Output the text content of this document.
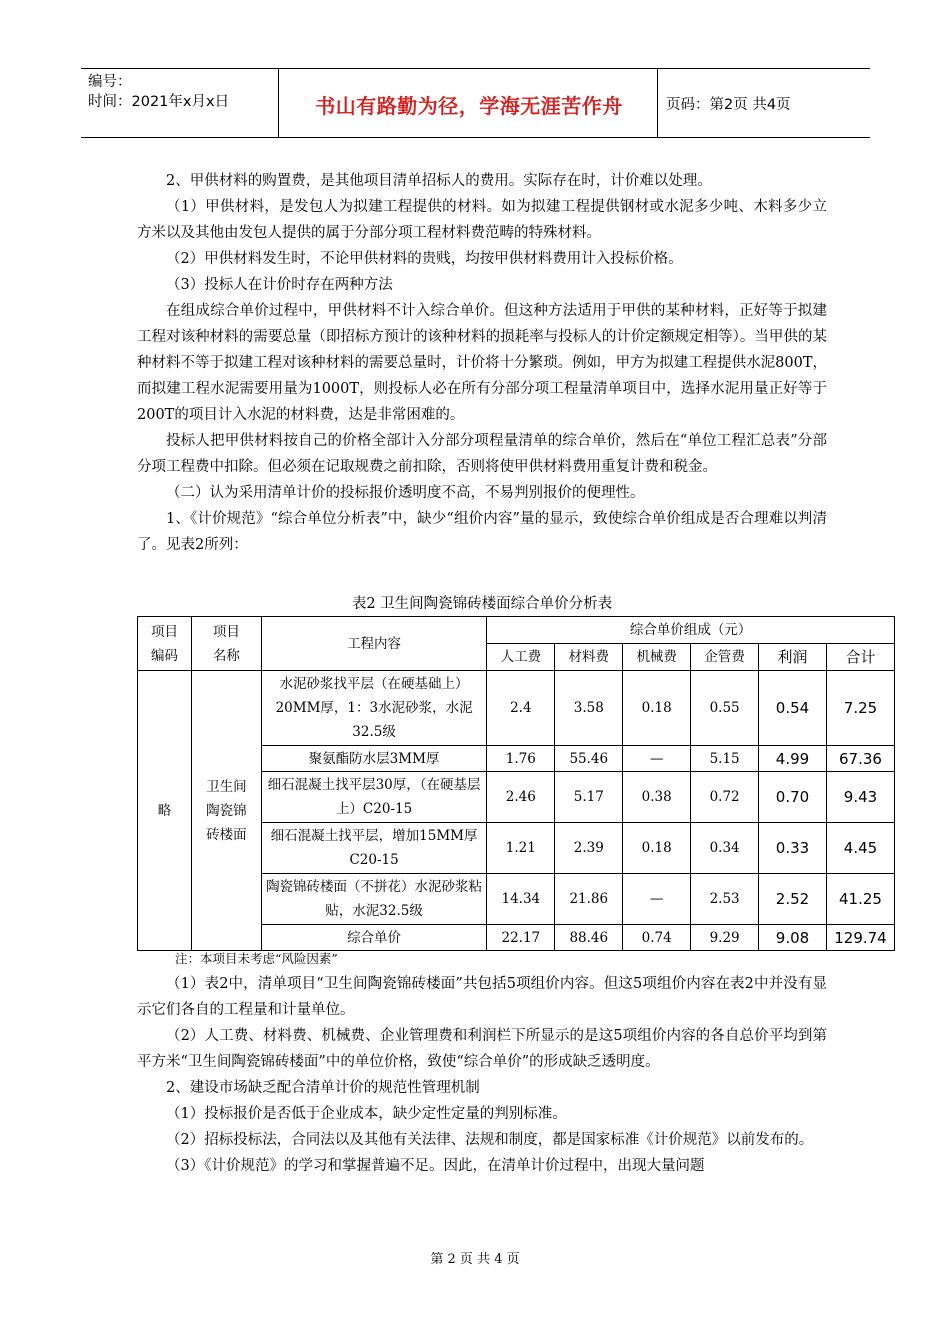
编号：
时间：2021年x月x日	书山有路勤为径，学海无涯苦作舟	页码：第2页 共4页

2、甲供材料的购置费，是其他项目清单招标人的费用。实际存在时，计价难以处理。

（1）甲供材料，是发包人为拟建工程提供的材料。如为拟建工程提供钢材或水泥多少吨、木料多少立方米以及其他由发包人提供的属于分部分项工程材料费范畴的特殊材料。

（2）甲供材料发生时，不论甲供材料的贵贱，均按甲供材料费用计入投标价格。

（3）投标人在计价时存在两种方法

在组成综合单价过程中，甲供材料不计入综合单价。但这种方法适用于甲供的某种材料，正好等于拟建工程对该种材料的需要总量（即招标方预计的该种材料的损耗率与投标人的计价定额规定相等）。当甲供的某种材料不等于拟建工程对该种材料的需要总量时，计价将十分繁琐。例如，甲方为拟建工程提供水泥800T，而拟建工程水泥需要用量为1000T，则投标人必在所有分部分项工程量清单项目中，选择水泥用量正好等于200T的项目计入水泥的材料费，达是非常困难的。

投标人把甲供材料按自己的价格全部计入分部分项程量清单的综合单价，然后在“单位工程汇总表”分部分项工程费中扣除。但必须在记取规费之前扣除，否则将使甲供材料费用重复计费和税金。

（二）认为采用清单计价的投标报价透明度不高，不易判别报价的便理性。

1、《计价规范》“综合单位分析表”中，缺少“组价内容”量的显示，致使综合单价组成是否合理难以判清了。见表2所列：

表2 卫生间陶瓷锦砖楼面综合单价分析表
项目
编码	项目
名称	工程内容	综合单价组成（元）					
			人工费	材料费	机械费	企管费	利润	合计
略	卫生间
陶瓷锦
砖楼面	水泥砂浆找平层（在硬基础上）20MM厚，1：3水泥砂浆，水泥32.5级	2.4	3.58	0.18	0.55	0.54	7.25
		聚氨酯防水层3MM厚	1.76	55.46	—	5.15	4.99	67.36
		细石混凝土找平层30厚，（在硬基层上）C20-15	2.46	5.17	0.38	0.72	0.70	9.43
		细石混凝土找平层，增加15MM厚C20-15	1.21	2.39	0.18	0.34	0.33	4.45
		陶瓷锦砖楼面（不拼花）水泥砂浆粘贴，水泥32.5级	14.34	21.86	—	2.53	2.52	41.25
		综合单价	22.17	88.46	0.74	9.29	9.08	129.74
注：本项目未考虑“风险因素”

（1）表2中，清单项目“卫生间陶瓷锦砖楼面”共包括5项组价内容。但这5项组价内容在表2中并没有显示它们各自的工程量和计量单位。

（2）人工费、材料费、机械费、企业管理费和利润栏下所显示的是这5项组价内容的各自总价平均到第平方米“卫生间陶瓷锦砖楼面”中的单位价格，致使“综合单价”的形成缺乏透明度。

2、建设市场缺乏配合清单计价的规范性管理机制

（1）投标报价是否低于企业成本，缺少定性定量的判别标准。

（2）招标投标法，合同法以及其他有关法律、法规和制度，都是国家标准《计价规范》以前发布的。

（3）《计价规范》的学习和掌握普遍不足。因此，在清单计价过程中，出现大量问题

第 2 页 共 4 页
